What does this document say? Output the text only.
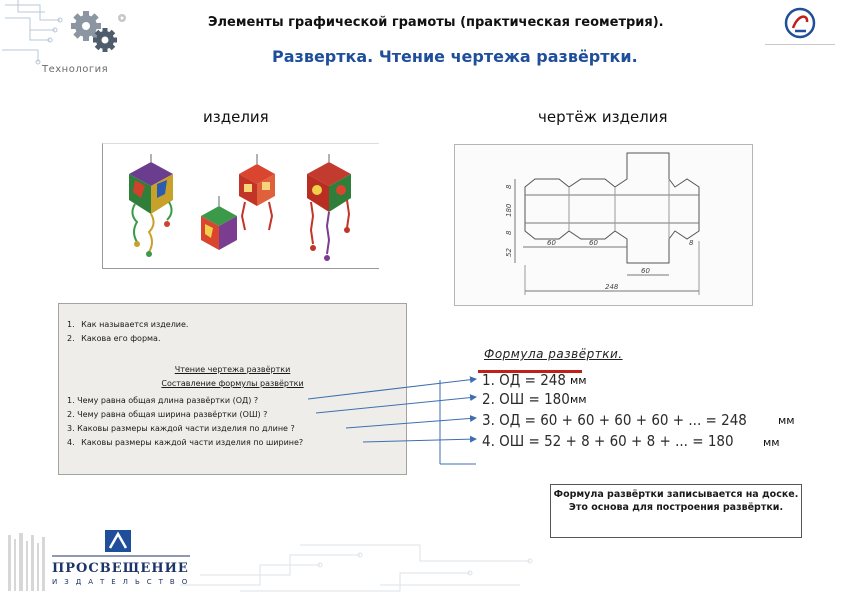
Технология
Элементы графической грамоты (практическая геометрия).
Развертка. Чтение чертежа развёртки.
изделия	чертёж изделия
8
180
8
52
60	60	8
60
248
1.  Как называется изделие.
2.  Какова его форма.
Чтение чертежа развёртки
Составление формулы развёртки
1. Чему равна общая длина развёртки (ОД) ?
2. Чему равна общая ширина развёртки (ОШ) ?
3. Каковы размеры каждой части изделия по длине ?
4.  Каковы размеры каждой части изделия по ширине?
Формула развёртки.
1. ОД = 248 мм
2. ОШ = 180 мм
3. ОД = 60 + 60 + 60 + 60 + ... = 248	мм
4. ОШ = 52 + 8 + 60 + 8 + ... = 180	мм
Формула развёртки записывается на доске. Это основа для построения развёртки.
ПРОСВЕЩЕНИЕ
ИЗДАТЕЛЬСТВО
